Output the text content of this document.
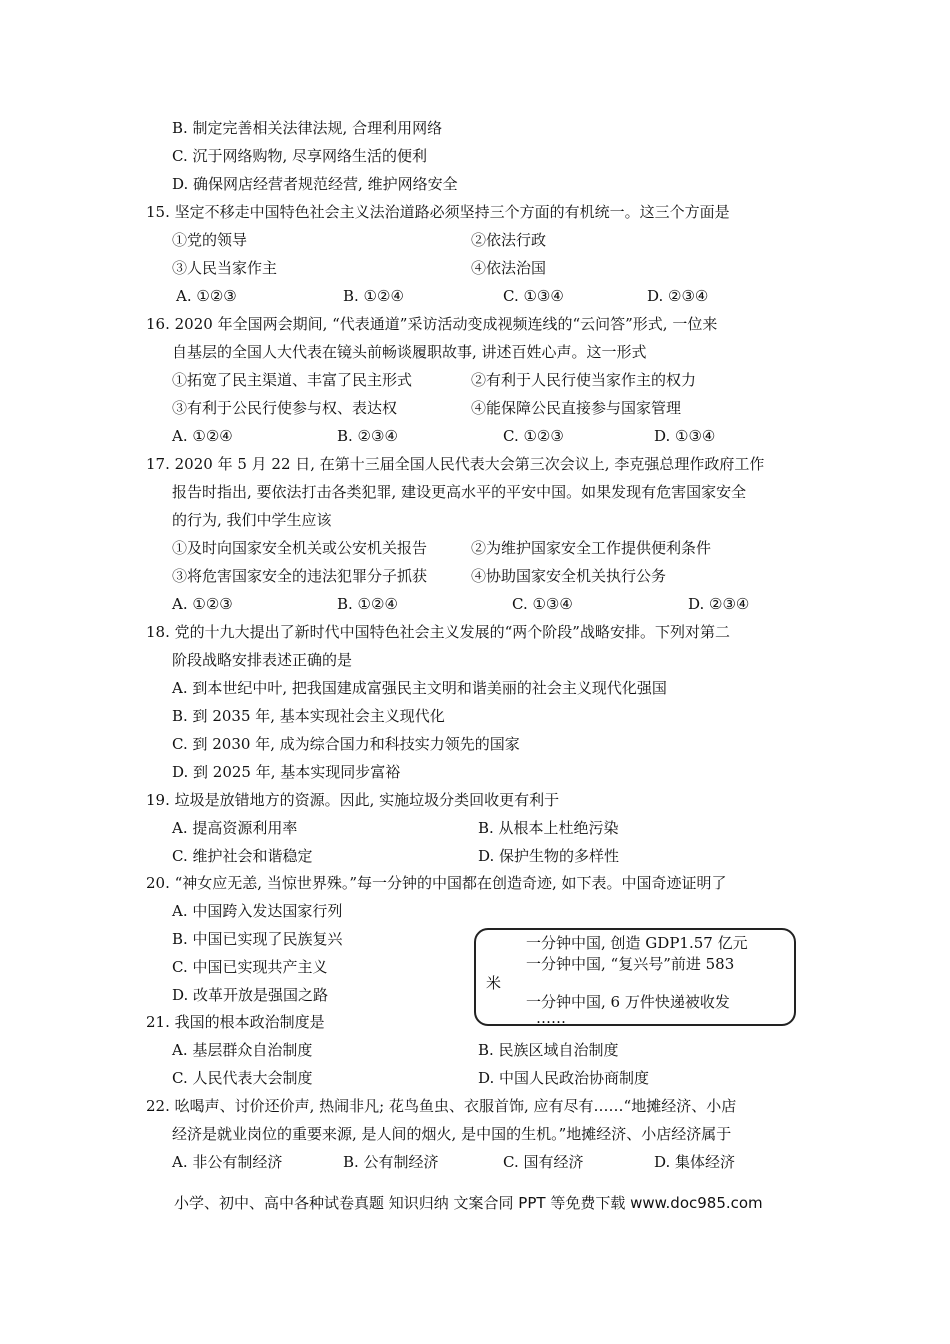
B. 制定完善相关法律法规, 合理利用网络
C. 沉于网络购物, 尽享网络生活的便利
D. 确保网店经营者规范经营, 维护网络安全
15. 坚定不移走中国特色社会主义法治道路必须坚持三个方面的有机统一。这三个方面是
①党的领导	②依法行政
③人民当家作主	④依法治国
A. ①②③	B. ①②④	C. ①③④	D. ②③④
16. 2020 年全国两会期间, “代表通道”采访活动变成视频连线的“云问答”形式, 一位来
自基层的全国人大代表在镜头前畅谈履职故事, 讲述百姓心声。这一形式
①拓宽了民主渠道、丰富了民主形式	②有利于人民行使当家作主的权力
③有利于公民行使参与权、表达权	④能保障公民直接参与国家管理
A. ①②④	B. ②③④	C. ①②③	D. ①③④
17. 2020 年 5 月 22 日, 在第十三届全国人民代表大会第三次会议上, 李克强总理作政府工作
报告时指出, 要依法打击各类犯罪, 建设更高水平的平安中国。如果发现有危害国家安全
的行为, 我们中学生应该
①及时向国家安全机关或公安机关报告	②为维护国家安全工作提供便利条件
③将危害国家安全的违法犯罪分子抓获	④协助国家安全机关执行公务
A. ①②③	B. ①②④	C. ①③④	D. ②③④
18. 党的十九大提出了新时代中国特色社会主义发展的“两个阶段”战略安排。下列对第二
阶段战略安排表述正确的是
A. 到本世纪中叶, 把我国建成富强民主文明和谐美丽的社会主义现代化强国
B. 到 2035 年, 基本实现社会主义现代化
C. 到 2030 年, 成为综合国力和科技实力领先的国家
D. 到 2025 年, 基本实现同步富裕
19. 垃圾是放错地方的资源。因此, 实施垃圾分类回收更有利于
A. 提高资源利用率	B. 从根本上杜绝污染
C. 维护社会和谐稳定	D. 保护生物的多样性
20. “神女应无恙, 当惊世界殊。”每一分钟的中国都在创造奇迹, 如下表。中国奇迹证明了
A. 中国跨入发达国家行列
B. 中国已实现了民族复兴
C. 中国已实现共产主义
D. 改革开放是强国之路
一分钟中国, 创造 GDP1.57 亿元
一分钟中国, “复兴号”前进 583
米
一分钟中国, 6 万件快递被收发
……
21. 我国的根本政治制度是
A. 基层群众自治制度	B. 民族区域自治制度
C. 人民代表大会制度	D. 中国人民政治协商制度
22. 吆喝声、讨价还价声, 热闹非凡; 花鸟鱼虫、衣服首饰, 应有尽有……“地摊经济、小店
经济是就业岗位的重要来源, 是人间的烟火, 是中国的生机。”地摊经济、小店经济属于
A. 非公有制经济	B. 公有制经济	C. 国有经济	D. 集体经济
小学、初中、高中各种试卷真题 知识归纳 文案合同 PPT 等免费下载 www.doc985.com
